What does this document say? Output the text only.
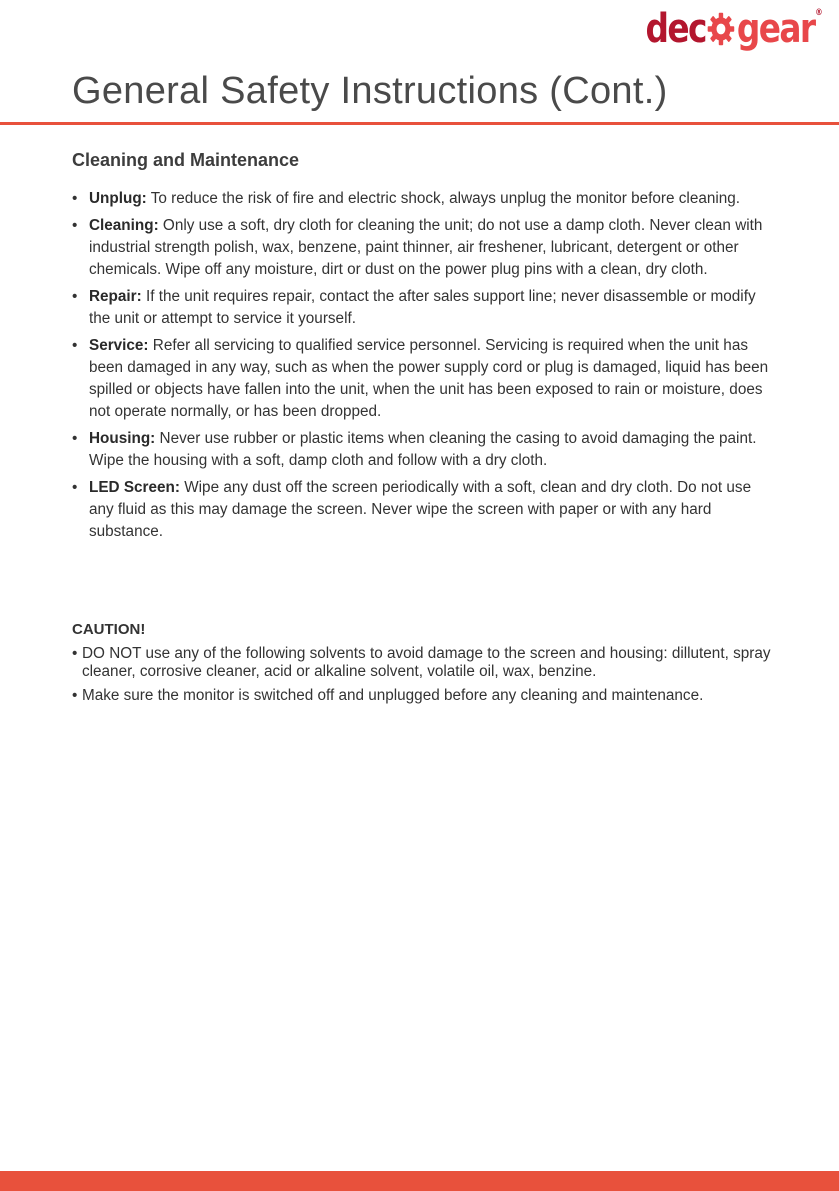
dec gear ®
General Safety Instructions (Cont.)
Cleaning and Maintenance
• Unplug: To reduce the risk of fire and electric shock, always unplug the monitor before cleaning.
• Cleaning: Only use a soft, dry cloth for cleaning the unit; do not use a damp cloth. Never clean with industrial strength polish, wax, benzene, paint thinner, air freshener, lubricant, detergent or other chemicals. Wipe off any moisture, dirt or dust on the power plug pins with a clean, dry cloth.
• Repair: If the unit requires repair, contact the after sales support line; never disassemble or modify the unit or attempt to service it yourself.
• Service: Refer all servicing to qualified service personnel. Servicing is required when the unit has been damaged in any way, such as when the power supply cord or plug is damaged, liquid has been spilled or objects have fallen into the unit, when the unit has been exposed to rain or moisture, does not operate normally, or has been dropped.
• Housing: Never use rubber or plastic items when cleaning the casing to avoid damaging the paint. Wipe the housing with a soft, damp cloth and follow with a dry cloth.
• LED Screen: Wipe any dust off the screen periodically with a soft, clean and dry cloth. Do not use any fluid as this may damage the screen. Never wipe the screen with paper or with any hard substance.
CAUTION!
• DO NOT use any of the following solvents to avoid damage to the screen and housing: dillutent, spray cleaner, corrosive cleaner, acid or alkaline solvent, volatile oil, wax, benzine.
• Make sure the monitor is switched off and unplugged before any cleaning and maintenance.
